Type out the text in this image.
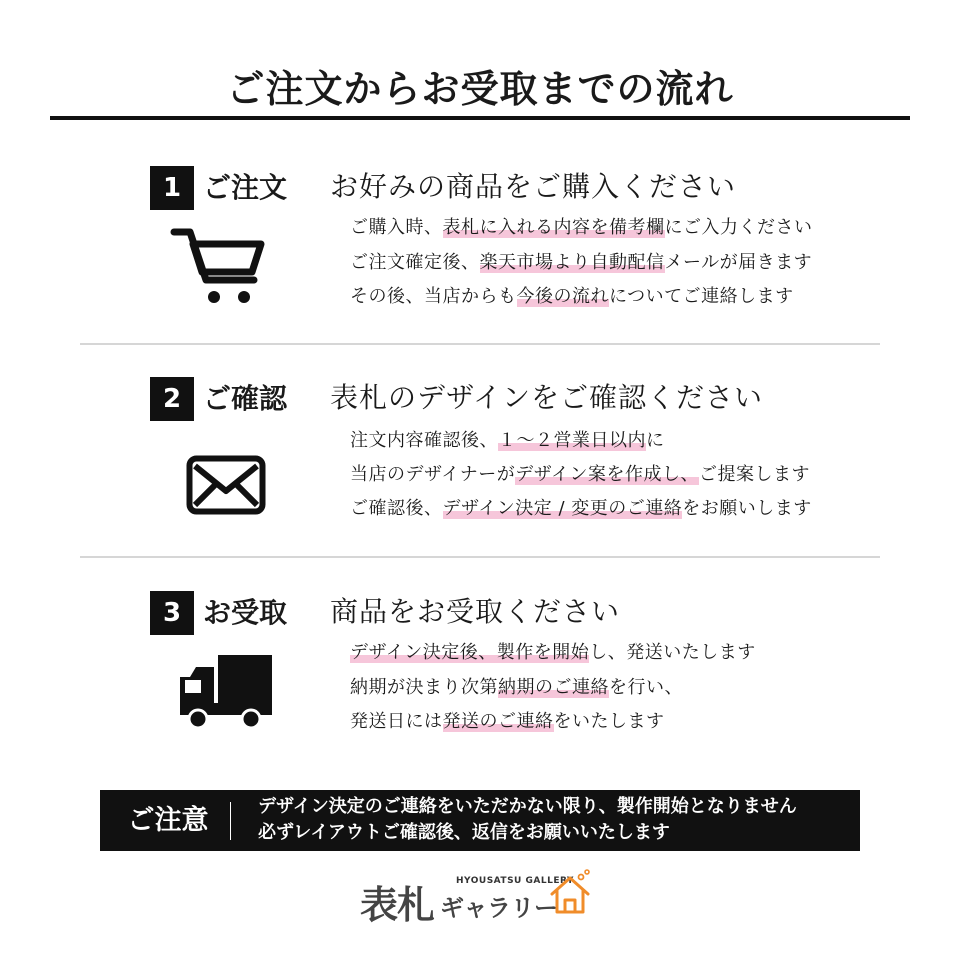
ご注文からお受取までの流れ
1 ご注文 お好みの商品をご購入ください
ご購入時、表札に入れる内容を備考欄にご入力ください
ご注文確定後、楽天市場より自動配信メールが届きます
その後、当店からも今後の流れについてご連絡します
2 ご確認 表札のデザインをご確認ください
注文内容確認後、１～２営業日以内に
当店のデザイナーがデザイン案を作成し、ご提案します
ご確認後、デザイン決定 / 変更のご連絡をお願いします
3 お受取 商品をお受取ください
デザイン決定後、製作を開始し、発送いたします
納期が決まり次第納期のご連絡を行い、
発送日には発送のご連絡をいたします
ご注意	デザイン決定のご連絡をいただかない限り、製作開始となりません
必ずレイアウトご確認後、返信をお願いいたします
表札
HYOUSATSU GALLERY
ギャラリー
